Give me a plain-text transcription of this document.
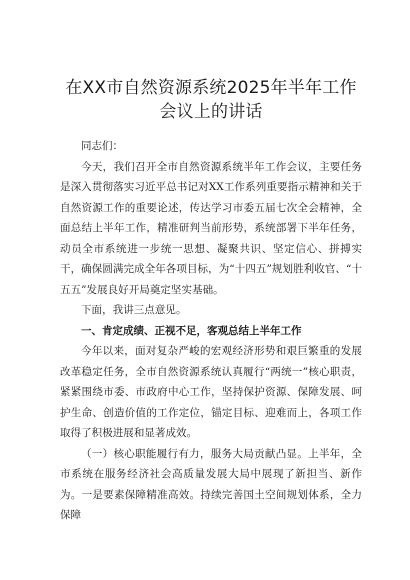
在XX市自然资源系统2025年半年工作会议上的讲话

同志们：

今天，我们召开全市自然资源系统半年工作会议，主要任务是深入贯彻落实习近平总书记对XX工作系列重要指示精神和关于自然资源工作的重要论述，传达学习市委五届七次全会精神，全面总结上半年工作，精准研判当前形势，系统部署下半年任务，动员全市系统进一步统一思想、凝聚共识、坚定信心、拼搏实干，确保圆满完成全年各项目标，为“十四五”规划胜利收官、“十五五”发展良好开局奠定坚实基础。

下面，我讲三点意见。

一、肯定成绩、正视不足，客观总结上半年工作

今年以来，面对复杂严峻的宏观经济形势和艰巨繁重的发展改革稳定任务，全市自然资源系统认真履行“两统一”核心职责，紧紧围绕市委、市政府中心工作，坚持保护资源、保障发展、呵护生命、创造价值的工作定位，锚定目标、迎难而上，各项工作取得了积极进展和显著成效。

（一）核心职能履行有力，服务大局贡献凸显。上半年，全市系统在服务经济社会高质量发展大局中展现了新担当、新作为。一是要素保障精准高效。持续完善国土空间规划体系，全力保障
